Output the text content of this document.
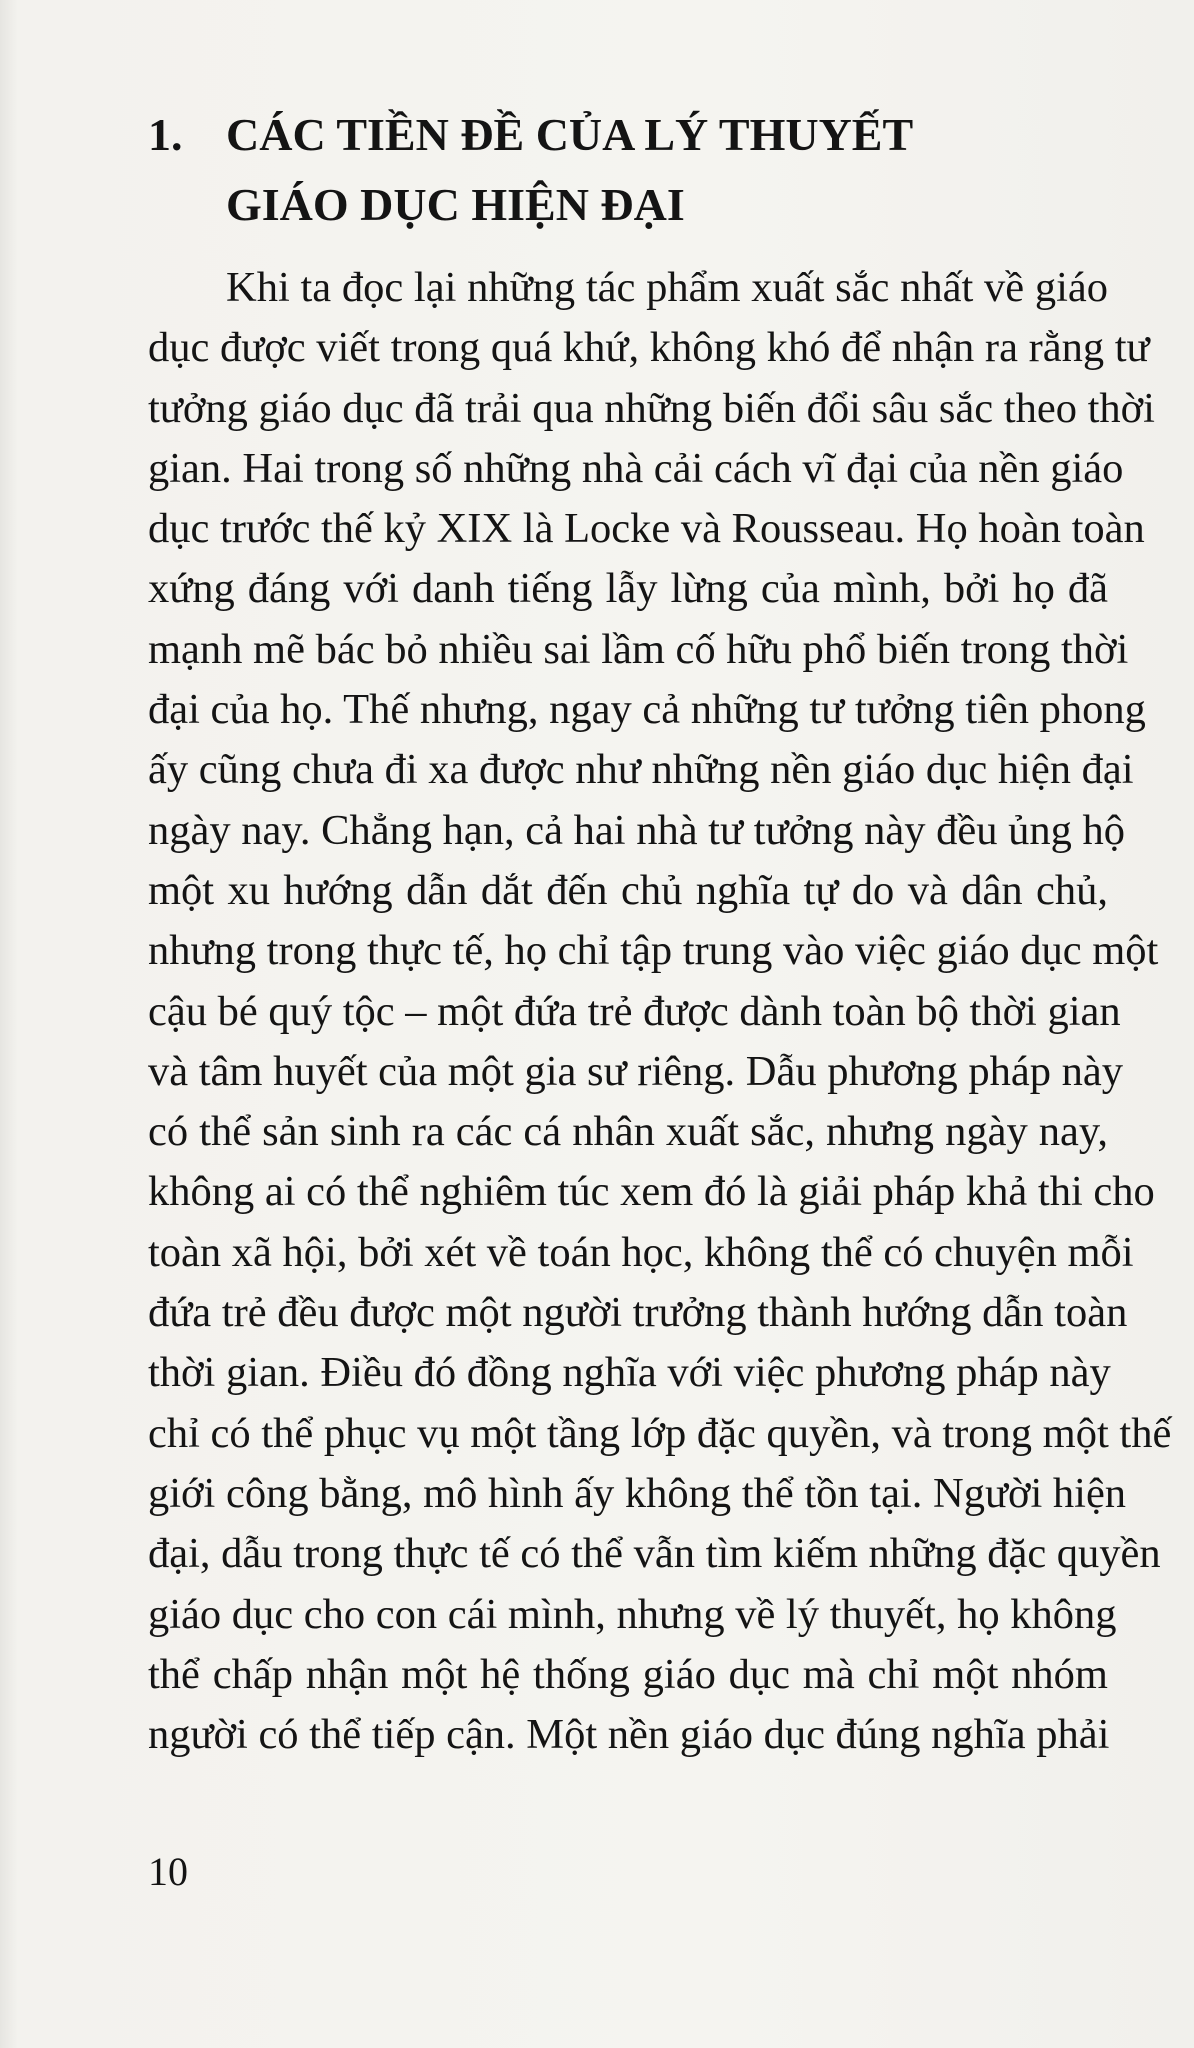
1. CÁC TIỀN ĐỀ CỦA LÝ THUYẾT
GIÁO DỤC HIỆN ĐẠI
Khi ta đọc lại những tác phẩm xuất sắc nhất về giáo
dục được viết trong quá khứ, không khó để nhận ra rằng tư
tưởng giáo dục đã trải qua những biến đổi sâu sắc theo thời
gian. Hai trong số những nhà cải cách vĩ đại của nền giáo
dục trước thế kỷ XIX là Locke và Rousseau. Họ hoàn toàn
xứng đáng với danh tiếng lẫy lừng của mình, bởi họ đã
mạnh mẽ bác bỏ nhiều sai lầm cố hữu phổ biến trong thời
đại của họ. Thế nhưng, ngay cả những tư tưởng tiên phong
ấy cũng chưa đi xa được như những nền giáo dục hiện đại
ngày nay. Chẳng hạn, cả hai nhà tư tưởng này đều ủng hộ
một xu hướng dẫn dắt đến chủ nghĩa tự do và dân chủ,
nhưng trong thực tế, họ chỉ tập trung vào việc giáo dục một
cậu bé quý tộc – một đứa trẻ được dành toàn bộ thời gian
và tâm huyết của một gia sư riêng. Dẫu phương pháp này
có thể sản sinh ra các cá nhân xuất sắc, nhưng ngày nay,
không ai có thể nghiêm túc xem đó là giải pháp khả thi cho
toàn xã hội, bởi xét về toán học, không thể có chuyện mỗi
đứa trẻ đều được một người trưởng thành hướng dẫn toàn
thời gian. Điều đó đồng nghĩa với việc phương pháp này
chỉ có thể phục vụ một tầng lớp đặc quyền, và trong một thế
giới công bằng, mô hình ấy không thể tồn tại. Người hiện
đại, dẫu trong thực tế có thể vẫn tìm kiếm những đặc quyền
giáo dục cho con cái mình, nhưng về lý thuyết, họ không
thể chấp nhận một hệ thống giáo dục mà chỉ một nhóm
người có thể tiếp cận. Một nền giáo dục đúng nghĩa phải

10
